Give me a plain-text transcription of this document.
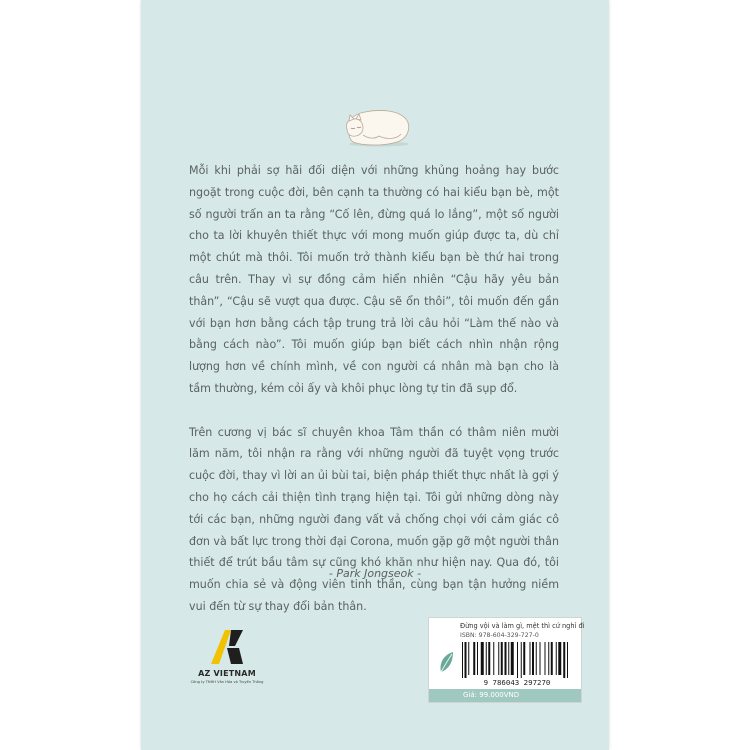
Mỗi khi phải sợ hãi đối diện với những khủng hoảng hay bước ngoặt trong cuộc đời, bên cạnh ta thường có hai kiểu bạn bè, một số người trấn an ta rằng “Cố lên, đừng quá lo lắng”, một số người cho ta lời khuyên thiết thực với mong muốn giúp được ta, dù chỉ một chút mà thôi. Tôi muốn trở thành kiểu bạn bè thứ hai trong câu trên. Thay vì sự đồng cảm hiển nhiên “Cậu hãy yêu bản thân”, “Cậu sẽ vượt qua được. Cậu sẽ ổn thôi”, tôi muốn đến gần với bạn hơn bằng cách tập trung trả lời câu hỏi “Làm thế nào và bằng cách nào”. Tôi muốn giúp bạn biết cách nhìn nhận rộng lượng hơn về chính mình, về con người cá nhân mà bạn cho là tầm thường, kém cỏi ấy và khôi phục lòng tự tin đã sụp đổ.

Trên cương vị bác sĩ chuyên khoa Tâm thần có thâm niên mười lăm năm, tôi nhận ra rằng với những người đã tuyệt vọng trước cuộc đời, thay vì lời an ủi bùi tai, biện pháp thiết thực nhất là gợi ý cho họ cách cải thiện tình trạng hiện tại. Tôi gửi những dòng này tới các bạn, những người đang vất vả chống chọi với cảm giác cô đơn và bất lực trong thời đại Corona, muốn gặp gỡ một người thân thiết để trút bầu tâm sự cũng khó khăn như hiện nay. Qua đó, tôi muốn chia sẻ và động viên tinh thần, cùng bạn tận hưởng niềm vui đến từ sự thay đổi bản thân.

- Park Jongseok -
AZ VIETNAM
Công ty TNHH Văn Hóa và Truyền Thông
Đừng vội và làm gì, mệt thì cứ nghỉ đi
ISBN: 978-604-329-727-0
9 786043 297270
Giá: 99.000VND
